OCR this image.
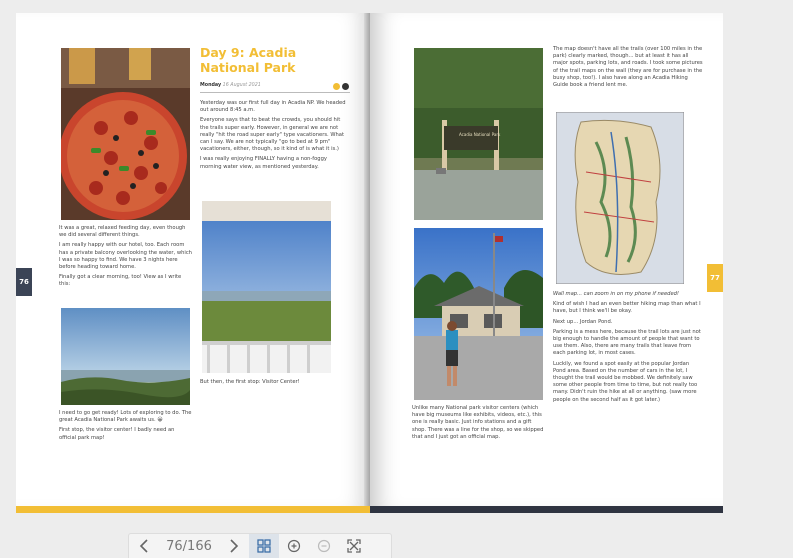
76

It was a great, relaxed feeding day, even though we did several different things.

I am really happy with our hotel, too. Each room has a private balcony overlooking the water, which I was so happy to find. We have 3 nights here before heading toward home.

Finally got a clear morning, too! View as I write this:

I need to go get ready! Lots of exploring to do. The great Acadia National Park awaits us. 😀

First stop, the visitor center! I badly need an official park map!

Day 9: Acadia National Park
Monday 16 August 2021

Yesterday was our first full day in Acadia NP. We headed out around 8:45 a.m.

Everyone says that to beat the crowds, you should hit the trails super early. However, in general we are not really "hit the road super early" type vacationers. What can I say. We are not typically "go to bed at 9 pm" vacationers, either, though, so it kind of is what it is.)

I was really enjoying FINALLY having a non-foggy morning water view, as mentioned yesterday.

But then, the first stop: Visitor Center!
77
Acadia National Park
Unlike many National park visitor centers (which have big museums like exhibits, videos, etc.), this one is really basic. Just info stations and a gift shop. There was a line for the shop, so we skipped that and I just got an official map.

The map doesn't have all the trails (over 100 miles in the park) clearly marked, though... but at least it has all major spots, parking lots, and roads. I took some pictures of the trail maps on the wall (they are for purchase in the busy shop, too!). I also have along an Acadia Hiking Guide book a friend lent me.

Wall map... can zoom in on my phone if needed!

Kind of wish I had an even better hiking map than what I have, but I think we'll be okay.

Next up... Jordan Pond.

Parking is a mess here, because the trail lots are just not big enough to handle the amount of people that want to use them. Also, there are many trails that leave from each parking lot, in most cases.

Luckily, we found a spot easily at the popular Jordan Pond area. Based on the number of cars in the lot, I thought the trail would be mobbed. We definitely saw some other people from time to time, but not really too many. Didn't ruin the hike at all or anything. (saw more people on the second half as it got later.)

76/166
